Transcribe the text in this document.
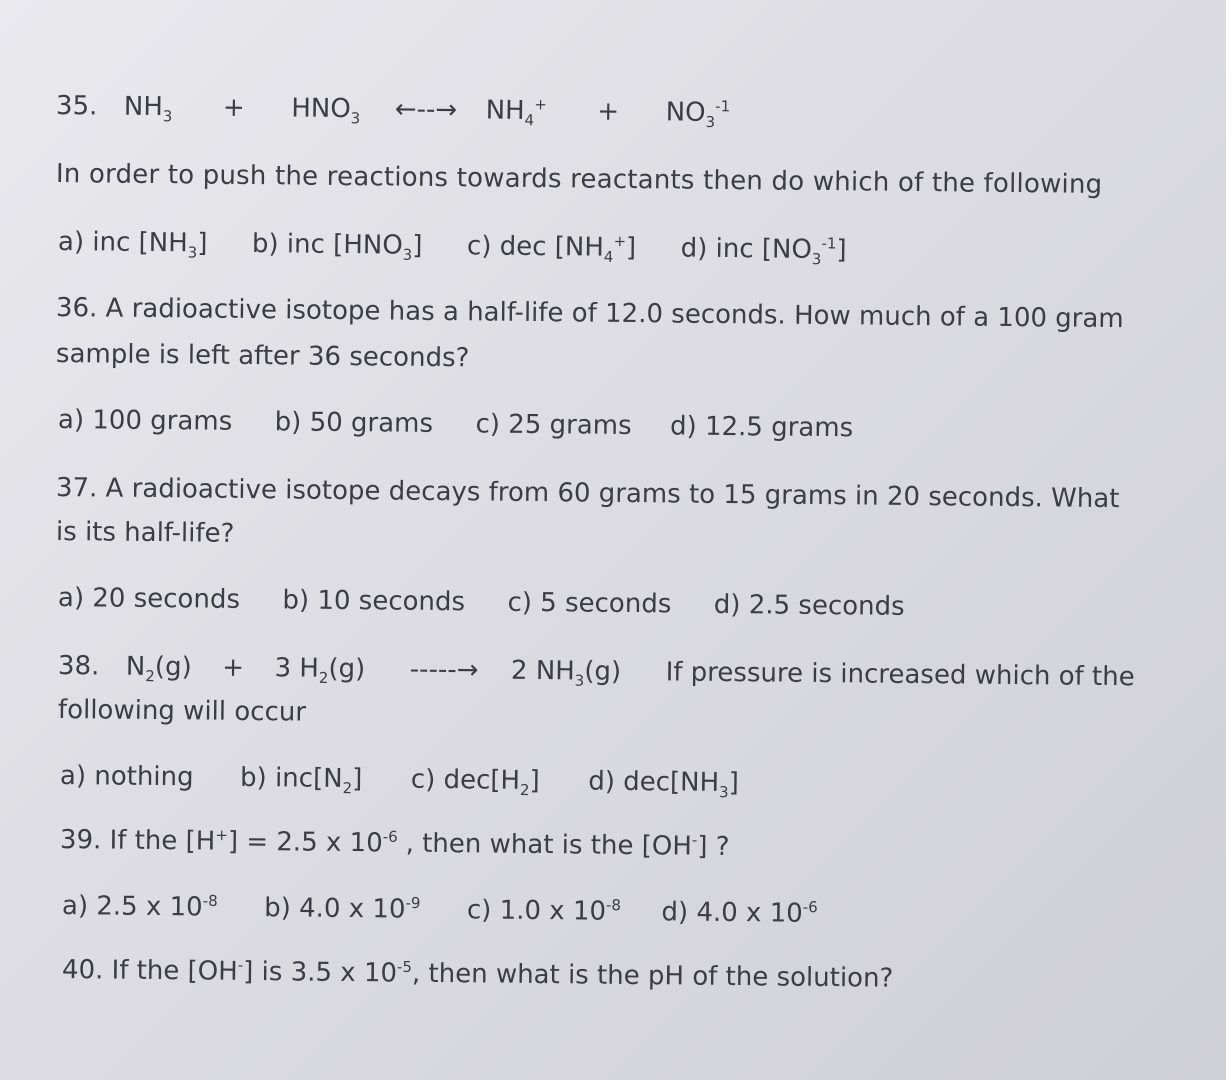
35. $NH_3 + HNO_3$ ←--→ $NH_4^+ + NO_3^{-1}$
In order to push the reactions towards reactants then do which of the following
a) inc $[NH_3]$ b) inc $[HNO_3]$ c) dec $[NH_4^+]$ d) inc $[NO_3^{-1}]$
36. A radioactive isotope has a half-life of 12.0 seconds. How much of a 100 gram
sample is left after 36 seconds?
a) 100 grams b) 50 grams c) 25 grams d) 12.5 grams
37. A radioactive isotope decays from 60 grams to 15 grams in 20 seconds. What
is its half-life?
a) 20 seconds b) 10 seconds c) 5 seconds d) 2.5 seconds
38. $N_2(g) + 3$ $H_2(g)$ -----→ 2 $NH_3(g)$ If pressure is increased which of the
following will occur
a) nothing b) $inc[N_2]$ c) $dec[H_2]$ d) $dec[NH_3]$
39. If the [H+] = 2.5 x $10^{-6}$ , then what is the [OH-] ?
a) 2.5 x $10^{-8}$ b) 4.0 x $10^{-9}$ c) 1.0 x $10^{-8}$ d) 4.0 x $10^{-6}$
40. If the [OH-] is 3.5 x $10^{-5}$, then what is the pH of the solution?
